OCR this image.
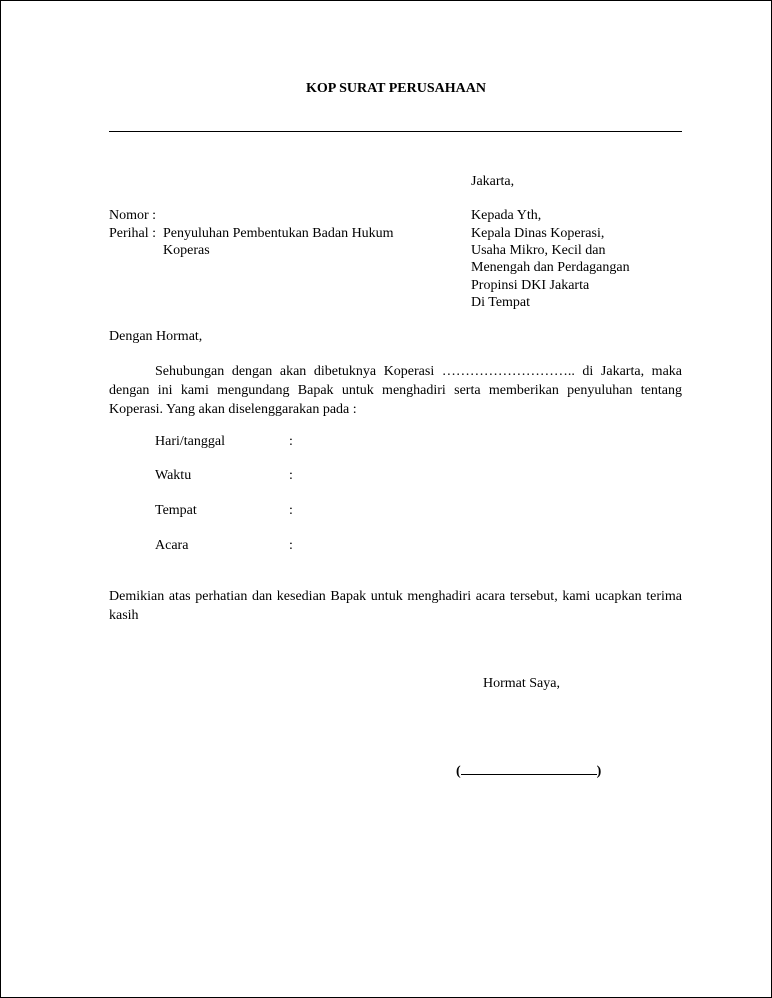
KOP SURAT PERUSAHAAN
Jakarta,
Nomor :
Perihal : Penyuluhan Pembentukan Badan Hukum
Koperas
Kepada Yth,
Kepala Dinas Koperasi,
Usaha Mikro, Kecil dan
Menengah dan Perdagangan
Propinsi DKI Jakarta
Di Tempat
Dengan Hormat,
Sehubungan dengan akan dibetuknya Koperasi ……………………….. di Jakarta, maka dengan ini kami mengundang Bapak untuk menghadiri serta memberikan penyuluhan tentang Koperasi. Yang akan diselenggarakan pada :
Hari/tanggal	:
Waktu	:
Tempat	:
Acara	:
Demikian atas perhatian dan kesedian Bapak untuk menghadiri acara tersebut, kami ucapkan terima kasih
Hormat Saya,
(	)
